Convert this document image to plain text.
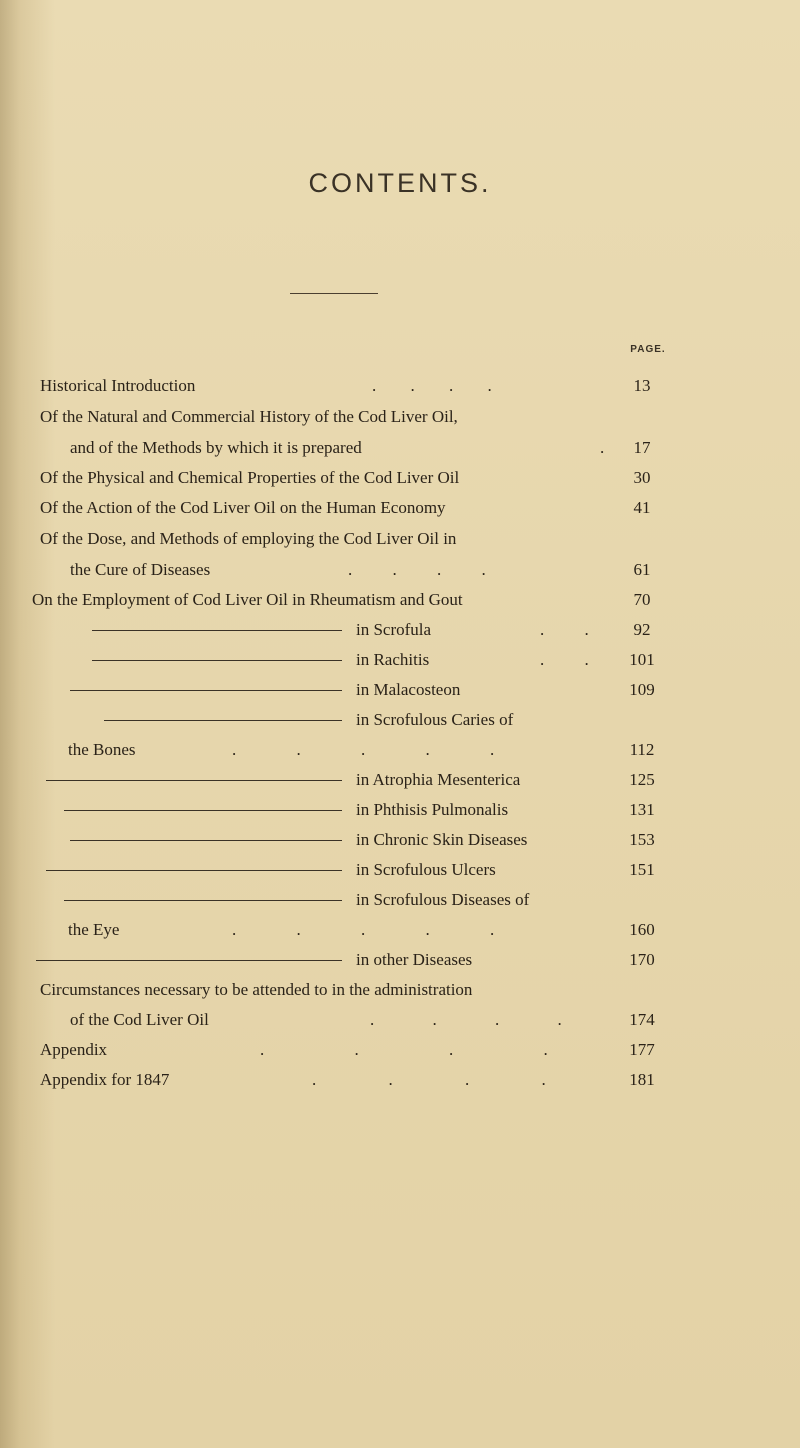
CONTENTS.
PAGE.
Historical Introduction	. . . .	13
Of the Natural and Commercial History of the Cod Liver Oil,
and of the Methods by which it is prepared	.	17
Of the Physical and Chemical Properties of the Cod Liver Oil	30
Of the Action of the Cod Liver Oil on the Human Economy	41
Of the Dose, and Methods of employing the Cod Liver Oil in
the Cure of Diseases	. . . .	61
On the Employment of Cod Liver Oil in Rheumatism and Gout	70
in Scrofula	. .	92
in Rachitis	. .	101
in Malacosteon	109
in Scrofulous Caries of
the Bones	. . . . .	112
in Atrophia Mesenterica	125
in Phthisis Pulmonalis	131
in Chronic Skin Diseases	153
in Scrofulous Ulcers	151
in Scrofulous Diseases of
the Eye	. . . . .	160
in other Diseases	170
Circumstances necessary to be attended to in the administration
of the Cod Liver Oil	. . . .	174
Appendix	. . . .	177
Appendix for 1847	. . . .	181
